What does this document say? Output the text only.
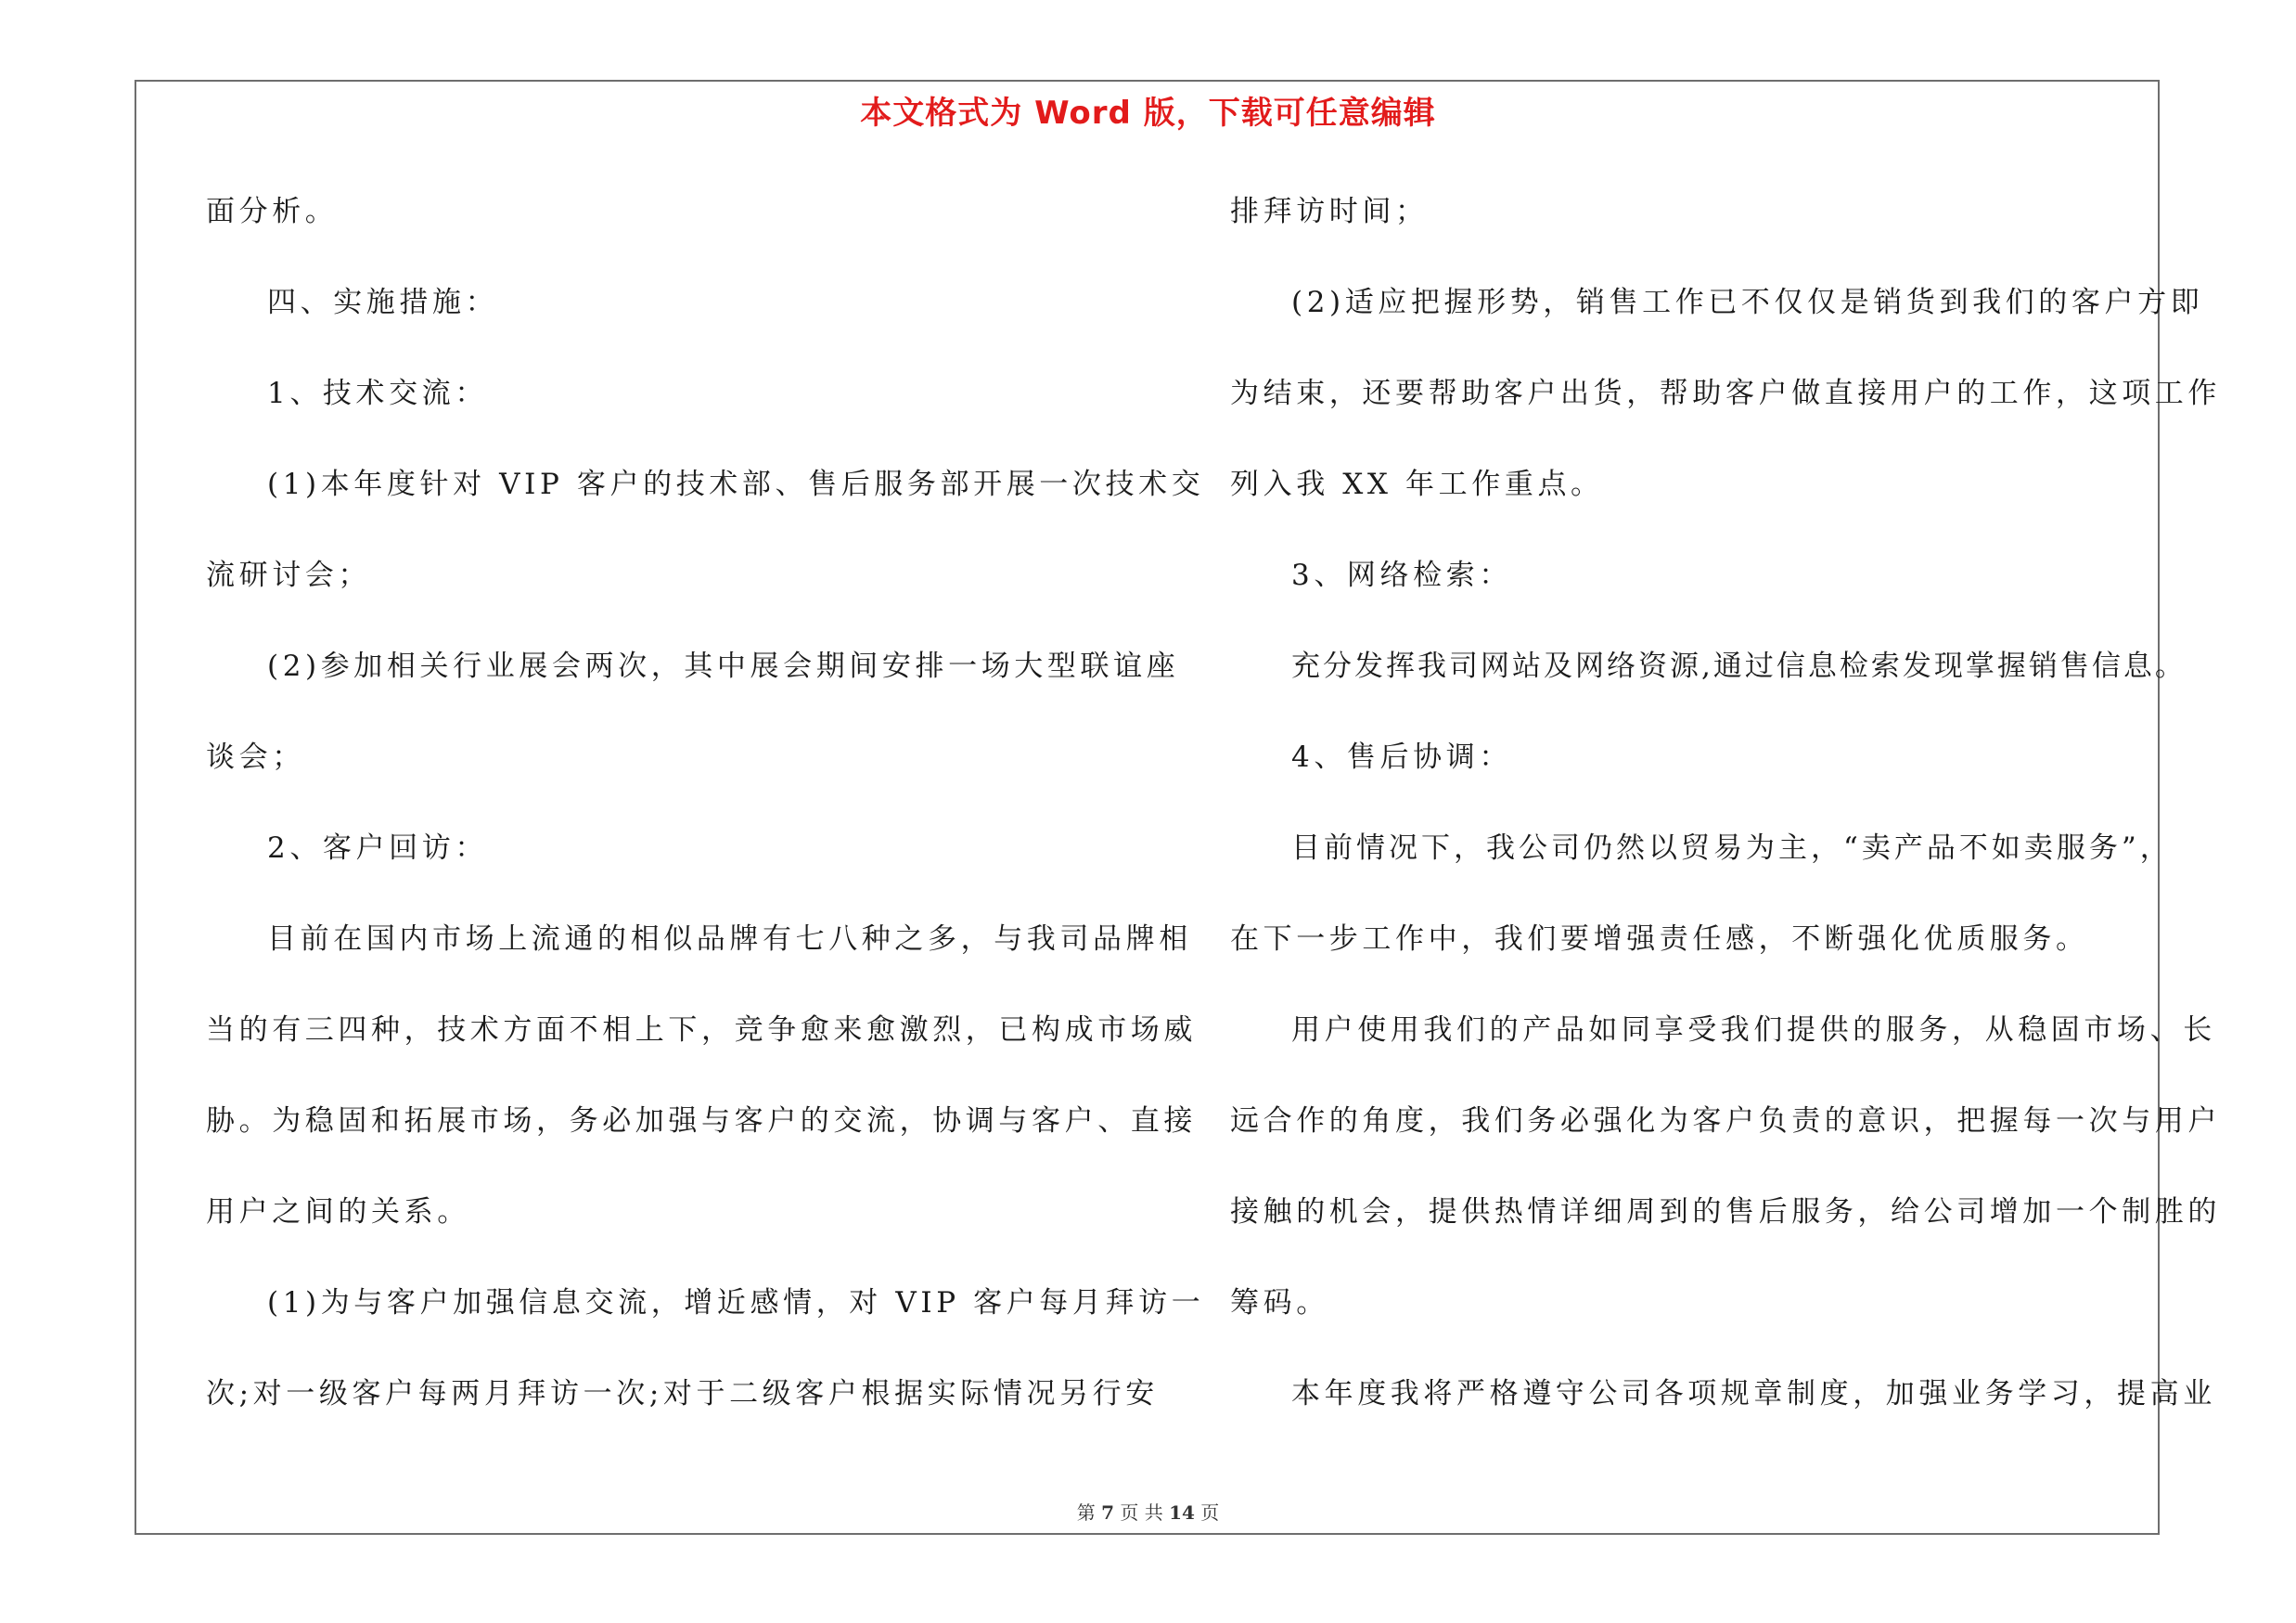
本文格式为 Word 版，下载可任意编辑
面分析。
四、实施措施：
1、技术交流：
(1)本年度针对 VIP 客户的技术部、售后服务部开展一次技术交
流研讨会；
(2)参加相关行业展会两次，其中展会期间安排一场大型联谊座
谈会；
2、客户回访：
目前在国内市场上流通的相似品牌有七八种之多，与我司品牌相
当的有三四种，技术方面不相上下，竞争愈来愈激烈，已构成市场威
胁。为稳固和拓展市场，务必加强与客户的交流，协调与客户、直接
用户之间的关系。
(1)为与客户加强信息交流，增近感情，对 VIP 客户每月拜访一
次;对一级客户每两月拜访一次;对于二级客户根据实际情况另行安
排拜访时间；
(2)适应把握形势，销售工作已不仅仅是销货到我们的客户方即
为结束，还要帮助客户出货，帮助客户做直接用户的工作，这项工作
列入我 XX 年工作重点。
3、网络检索：
充分发挥我司网站及网络资源,通过信息检索发现掌握销售信息。
4、售后协调：
目前情况下，我公司仍然以贸易为主，“卖产品不如卖服务”，
在下一步工作中，我们要增强责任感，不断强化优质服务。
用户使用我们的产品如同享受我们提供的服务，从稳固市场、长
远合作的角度，我们务必强化为客户负责的意识，把握每一次与用户
接触的机会，提供热情详细周到的售后服务，给公司增加一个制胜的
筹码。
本年度我将严格遵守公司各项规章制度，加强业务学习，提高业
第 7 页 共 14 页
